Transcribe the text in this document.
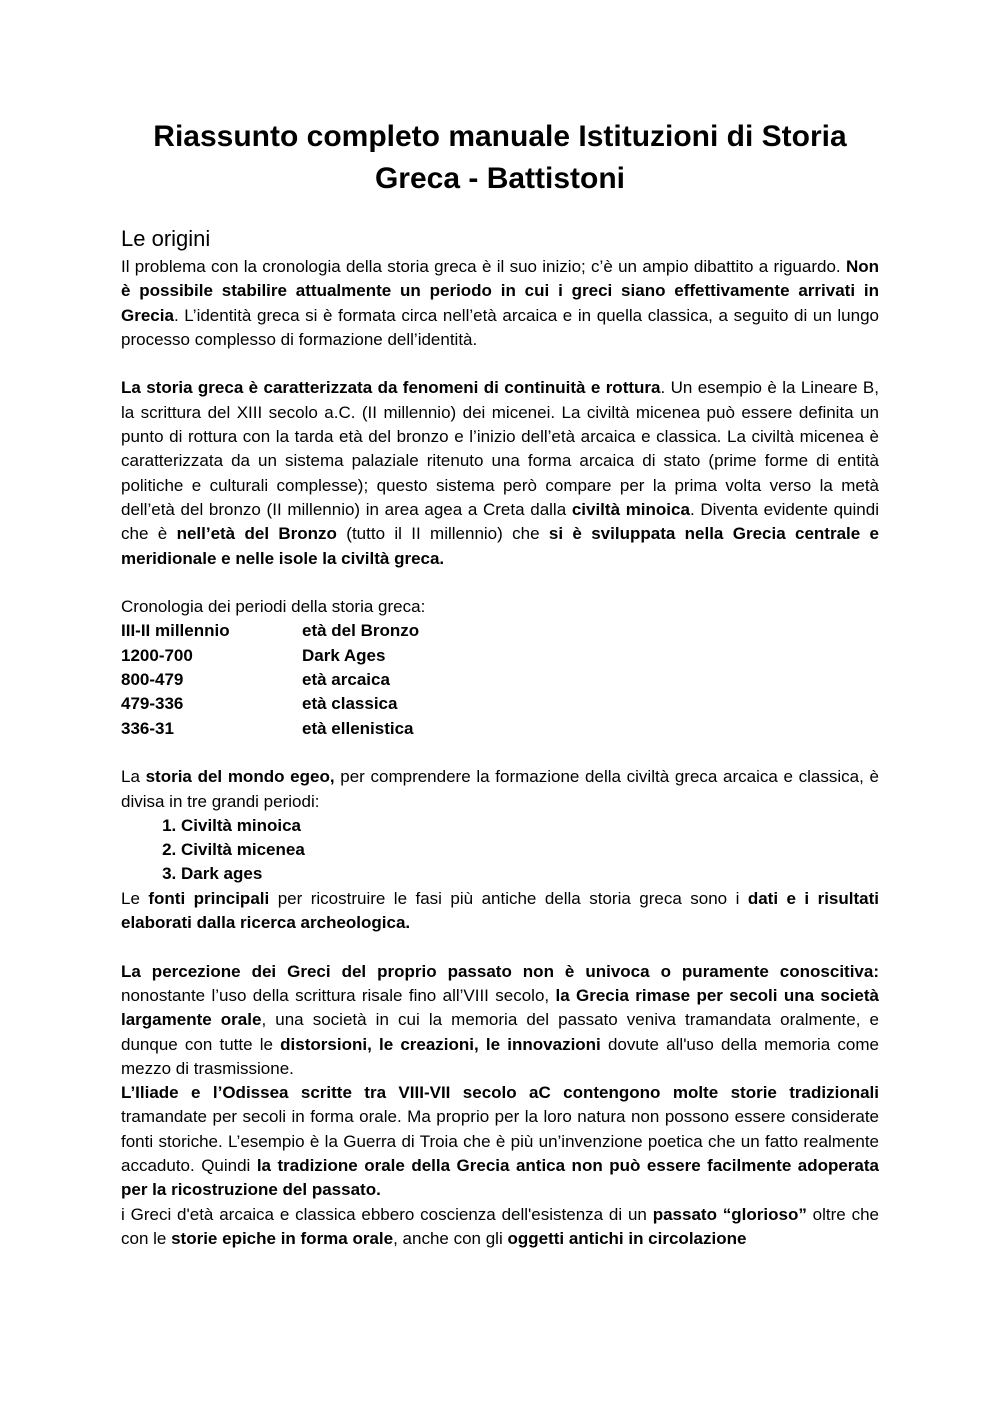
Riassunto completo manuale Istituzioni di Storia Greca - Battistoni
Le origini

Il problema con la cronologia della storia greca è il suo inizio; c’è un ampio dibattito a riguardo. Non è possibile stabilire attualmente un periodo in cui i greci siano effettivamente arrivati in Grecia. L’identità greca si è formata circa nell’età arcaica e in quella classica, a seguito di un lungo processo complesso di formazione dell’identità.

La storia greca è caratterizzata da fenomeni di continuità e rottura. Un esempio è la Lineare B, la scrittura del XIII secolo a.C. (II millennio) dei micenei. La civiltà micenea può essere definita un punto di rottura con la tarda età del bronzo e l’inizio dell’età arcaica e classica. La civiltà micenea è caratterizzata da un sistema palaziale ritenuto una forma arcaica di stato (prime forme di entità politiche e culturali complesse); questo sistema però compare per la prima volta verso la metà dell’età del bronzo (II millennio) in area agea a Creta dalla civiltà minoica. Diventa evidente quindi che è nell’età del Bronzo (tutto il II millennio) che si è sviluppata nella Grecia centrale e meridionale e nelle isole la civiltà greca.

Cronologia dei periodi della storia greca:

III-II millennio	età del Bronzo
1200-700	Dark Ages
800-479	età arcaica
479-336	età classica
336-31	età ellenistica

La storia del mondo egeo, per comprendere la formazione della civiltà greca arcaica e classica, è divisa in tre grandi periodi:

1. Civiltà minoica
2. Civiltà micenea
3. Dark ages

Le fonti principali per ricostruire le fasi più antiche della storia greca sono i dati e i risultati elaborati dalla ricerca archeologica.

La percezione dei Greci del proprio passato non è univoca o puramente conoscitiva: nonostante l’uso della scrittura risale fino all’VIII secolo, la Grecia rimase per secoli una società largamente orale, una società in cui la memoria del passato veniva tramandata oralmente, e dunque con tutte le distorsioni, le creazioni, le innovazioni dovute all'uso della memoria come mezzo di trasmissione.

L’Iliade e l’Odissea scritte tra VIII-VII secolo aC contengono molte storie tradizionali tramandate per secoli in forma orale. Ma proprio per la loro natura non possono essere considerate fonti storiche. L’esempio è la Guerra di Troia che è più un’invenzione poetica che un fatto realmente accaduto. Quindi la tradizione orale della Grecia antica non può essere facilmente adoperata per la ricostruzione del passato.

i Greci d'età arcaica e classica ebbero coscienza dell'esistenza di un passato “glorioso” oltre che con le storie epiche in forma orale, anche con gli oggetti antichi in circolazione
